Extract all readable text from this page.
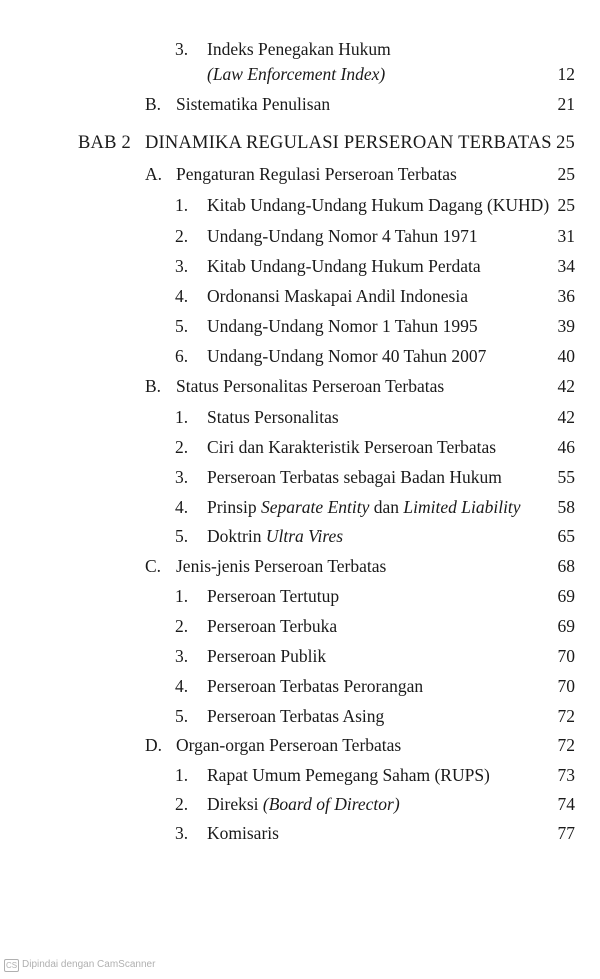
3. Indeks Penegakan Hukum
(Law Enforcement Index)	12
B. Sistematika Penulisan	21
BAB 2 DINAMIKA REGULASI PERSEROAN TERBATAS 25
A. Pengaturan Regulasi Perseroan Terbatas	25
1. Kitab Undang-Undang Hukum Dagang (KUHD) 25
2. Undang-Undang Nomor 4 Tahun 1971	31
3. Kitab Undang-Undang Hukum Perdata	34
4. Ordonansi Maskapai Andil Indonesia	36
5. Undang-Undang Nomor 1 Tahun 1995	39
6. Undang-Undang Nomor 40 Tahun 2007	40
B. Status Personalitas Perseroan Terbatas	42
1. Status Personalitas	42
2. Ciri dan Karakteristik Perseroan Terbatas	46
3. Perseroan Terbatas sebagai Badan Hukum	55
4. Prinsip Separate Entity dan Limited Liability 58
5. Doktrin Ultra Vires	65
C. Jenis-jenis Perseroan Terbatas	68
1. Perseroan Tertutup	69
2. Perseroan Terbuka	69
3. Perseroan Publik	70
4. Perseroan Terbatas Perorangan	70
5. Perseroan Terbatas Asing	72
D. Organ-organ Perseroan Terbatas	72
1. Rapat Umum Pemegang Saham (RUPS)	73
2. Direksi (Board of Director)	74
3. Komisaris	77
CS Dipindai dengan CamScanner
